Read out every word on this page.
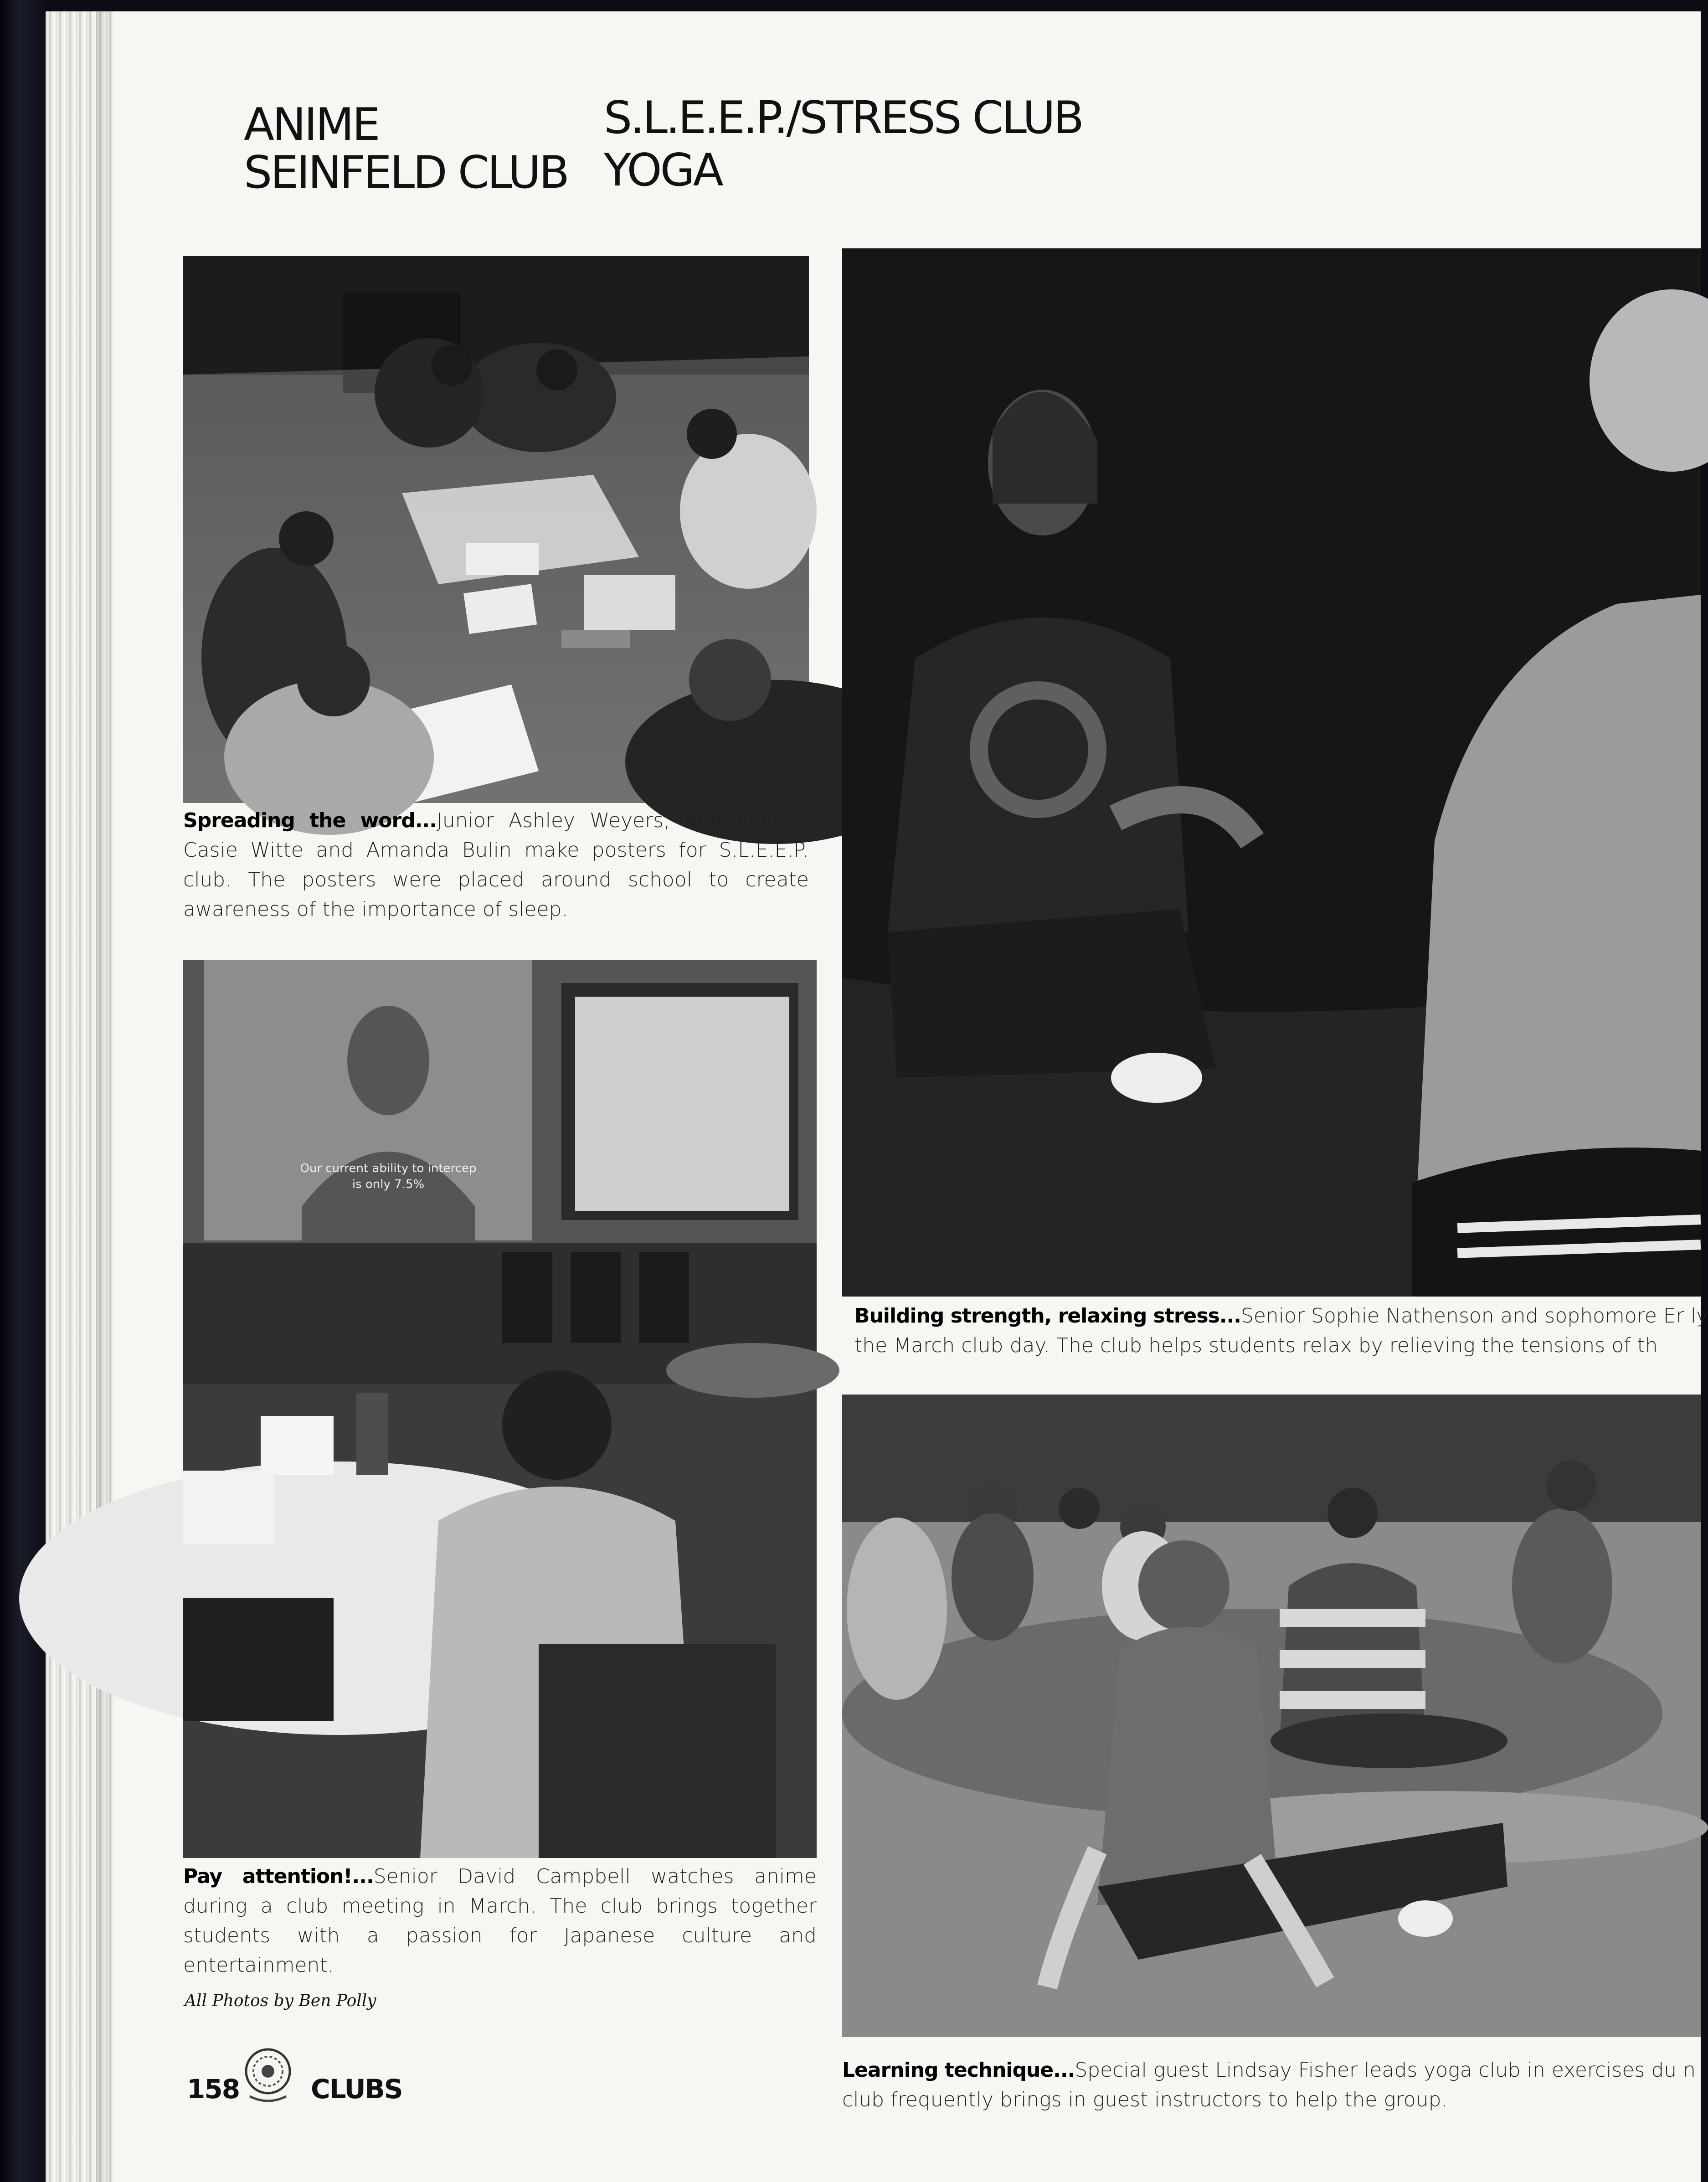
ANIME
SEINFELD CLUB
S.L.E.E.P./STRESS CLUB
YOGA

Spreading the word...Junior Ashley Weyers, and seniors Casie Witte and Amanda Bulin make posters for S.L.E.E.P. club. The posters were placed around school to create awareness of the importance of sleep.

Our current ability to intercep
is only 7.5%

Pay attention!...Senior David Campbell watches anime during a club meeting in March. The club brings together students with a passion for Japanese culture and entertainment.

All Photos by Ben Polly
158	CLUBS
Building strength, relaxing stress...Senior Sophie Nathenson and sophomore Er ly
the March club day. The club helps students relax by relieving the tensions of th
Learning technique...Special guest Lindsay Fisher leads yoga club in exercises du n
club frequently brings in guest instructors to help the group.
